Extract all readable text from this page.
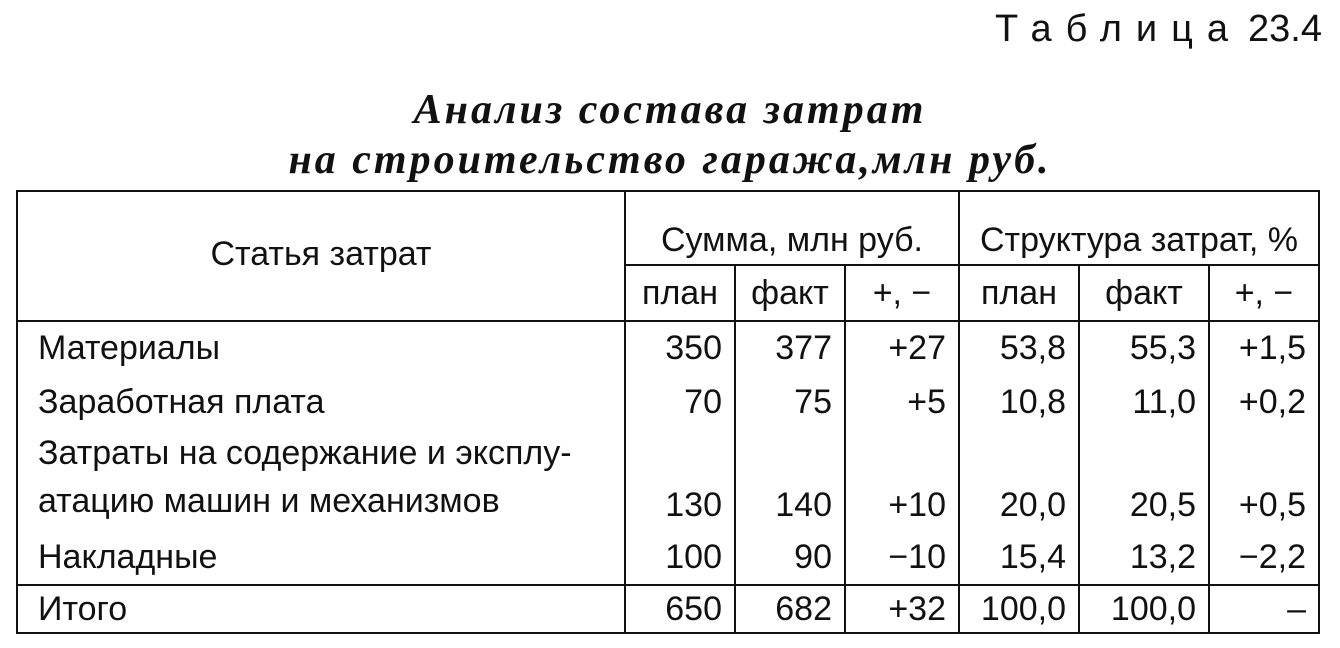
Таблица 23.4
Анализ состава затрат
на строительство гаража,млн руб.
Статья затрат	Сумма, млн руб.			Структура затрат, %		
	план	факт	+, −	план	факт	+, −
Материалы	350	377	+27	53,8	55,3	+1,5
Заработная плата	70	75	+5	10,8	11,0	+0,2

Затраты на содержание и эксплу-
атацию машин и механизмов	130	140	+10	20,0	20,5	+0,5
Накладные	100	90	−10	15,4	13,2	−2,2
Итого	650	682	+32	100,0	100,0	–
